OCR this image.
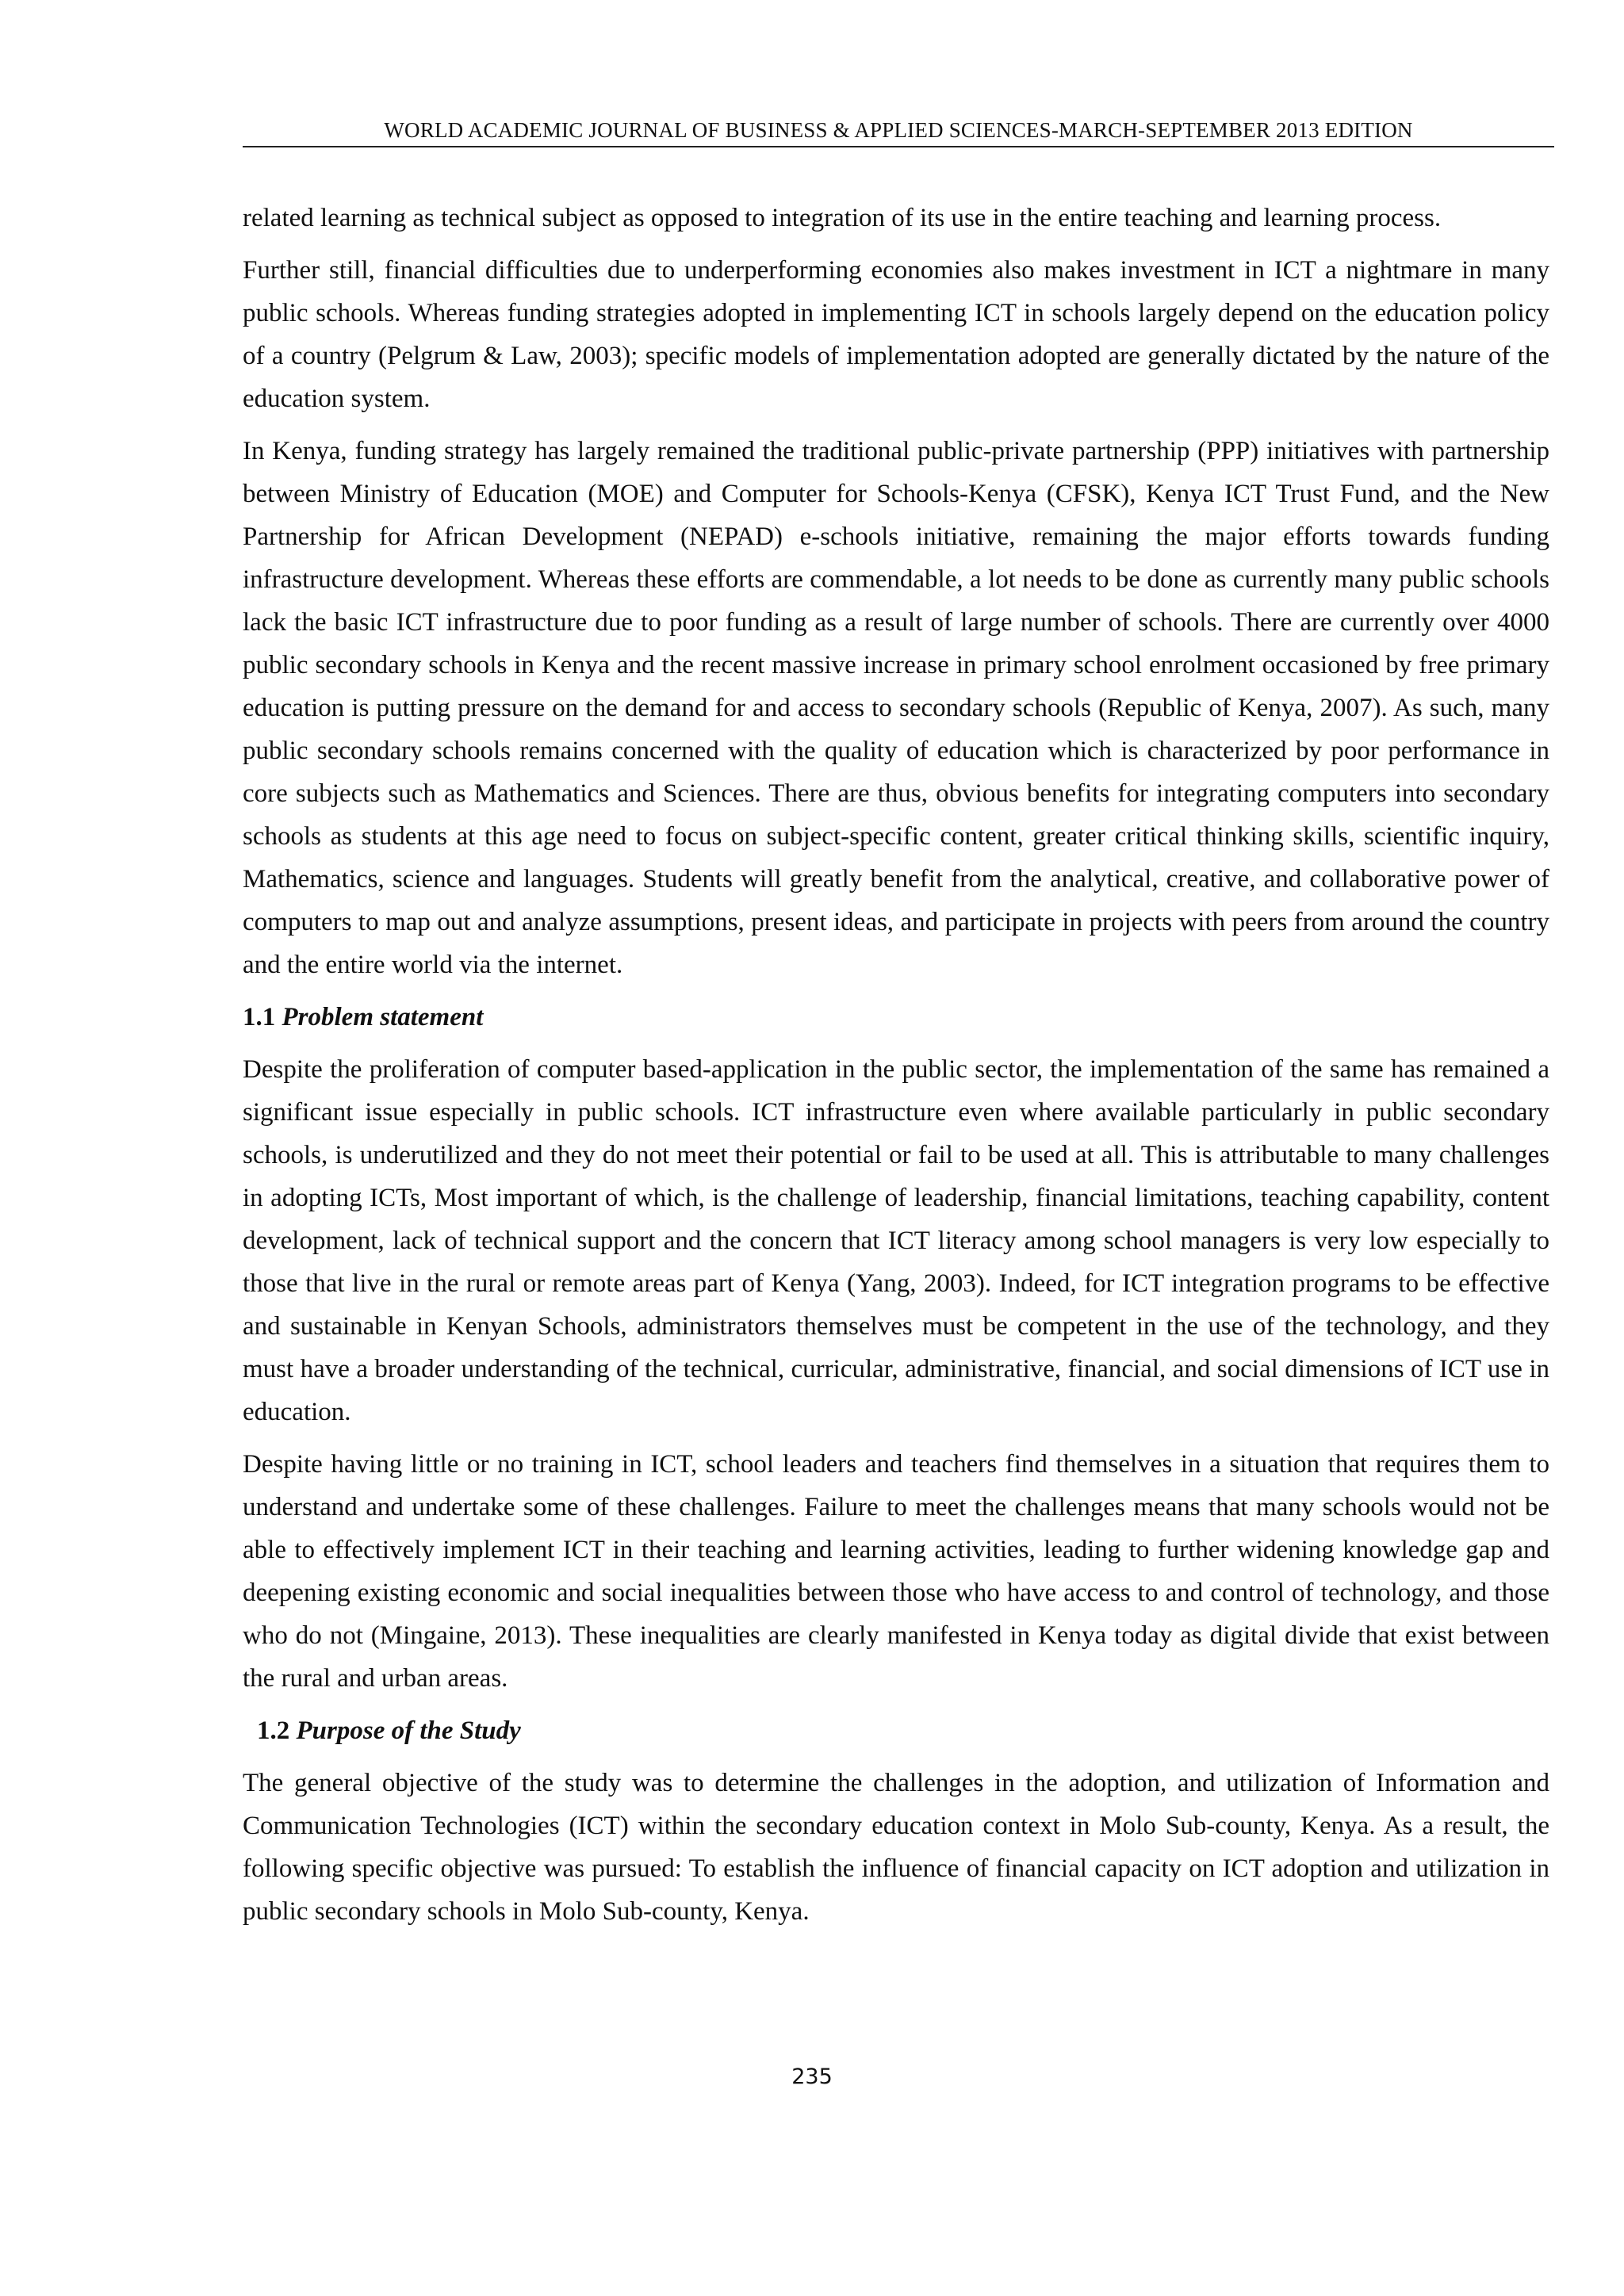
WORLD ACADEMIC JOURNAL OF BUSINESS & APPLIED SCIENCES-MARCH-SEPTEMBER 2013 EDITION

related learning as technical subject as opposed to integration of its use in the entire teaching and learning process.

Further still, financial difficulties due to underperforming economies also makes investment in ICT a nightmare in many public schools. Whereas funding strategies adopted in implementing ICT in schools largely depend on the education policy of a country (Pelgrum & Law, 2003); specific models of implementation adopted are generally dictated by the nature of the education system.

In Kenya, funding strategy has largely remained the traditional public-private partnership (PPP) initiatives with partnership between Ministry of Education (MOE) and Computer for Schools-Kenya (CFSK), Kenya ICT Trust Fund, and the New Partnership for African Development (NEPAD) e-schools initiative, remaining the major efforts towards funding infrastructure development. Whereas these efforts are commendable, a lot needs to be done as currently many public schools lack the basic ICT infrastructure due to poor funding as a result of large number of schools. There are currently over 4000 public secondary schools in Kenya and the recent massive increase in primary school enrolment occasioned by free primary education is putting pressure on the demand for and access to secondary schools (Republic of Kenya, 2007). As such, many public secondary schools remains concerned with the quality of education which is characterized by poor performance in core subjects such as Mathematics and Sciences. There are thus, obvious benefits for integrating computers into secondary schools as students at this age need to focus on subject-specific content, greater critical thinking skills, scientific inquiry, Mathematics, science and languages. Students will greatly benefit from the analytical, creative, and collaborative power of computers to map out and analyze assumptions, present ideas, and participate in projects with peers from around the country and the entire world via the internet.

1.1 Problem statement

Despite the proliferation of computer based-application in the public sector, the implementation of the same has remained a significant issue especially in public schools. ICT infrastructure even where available particularly in public secondary schools, is underutilized and they do not meet their potential or fail to be used at all. This is attributable to many challenges in adopting ICTs, Most important of which, is the challenge of leadership, financial limitations, teaching capability, content development, lack of technical support and the concern that ICT literacy among school managers is very low especially to those that live in the rural or remote areas part of Kenya (Yang, 2003). Indeed, for ICT integration programs to be effective and sustainable in Kenyan Schools, administrators themselves must be competent in the use of the technology, and they must have a broader understanding of the technical, curricular, administrative, financial, and social dimensions of ICT use in education.

Despite having little or no training in ICT, school leaders and teachers find themselves in a situation that requires them to understand and undertake some of these challenges. Failure to meet the challenges means that many schools would not be able to effectively implement ICT in their teaching and learning activities, leading to further widening knowledge gap and deepening existing economic and social inequalities between those who have access to and control of technology, and those who do not (Mingaine, 2013). These inequalities are clearly manifested in Kenya today as digital divide that exist between the rural and urban areas.

1.2 Purpose of the Study

The general objective of the study was to determine the challenges in the adoption, and utilization of Information and Communication Technologies (ICT) within the secondary education context in Molo Sub-county, Kenya. As a result, the following specific objective was pursued: To establish the influence of financial capacity on ICT adoption and utilization in public secondary schools in Molo Sub-county, Kenya.

235
